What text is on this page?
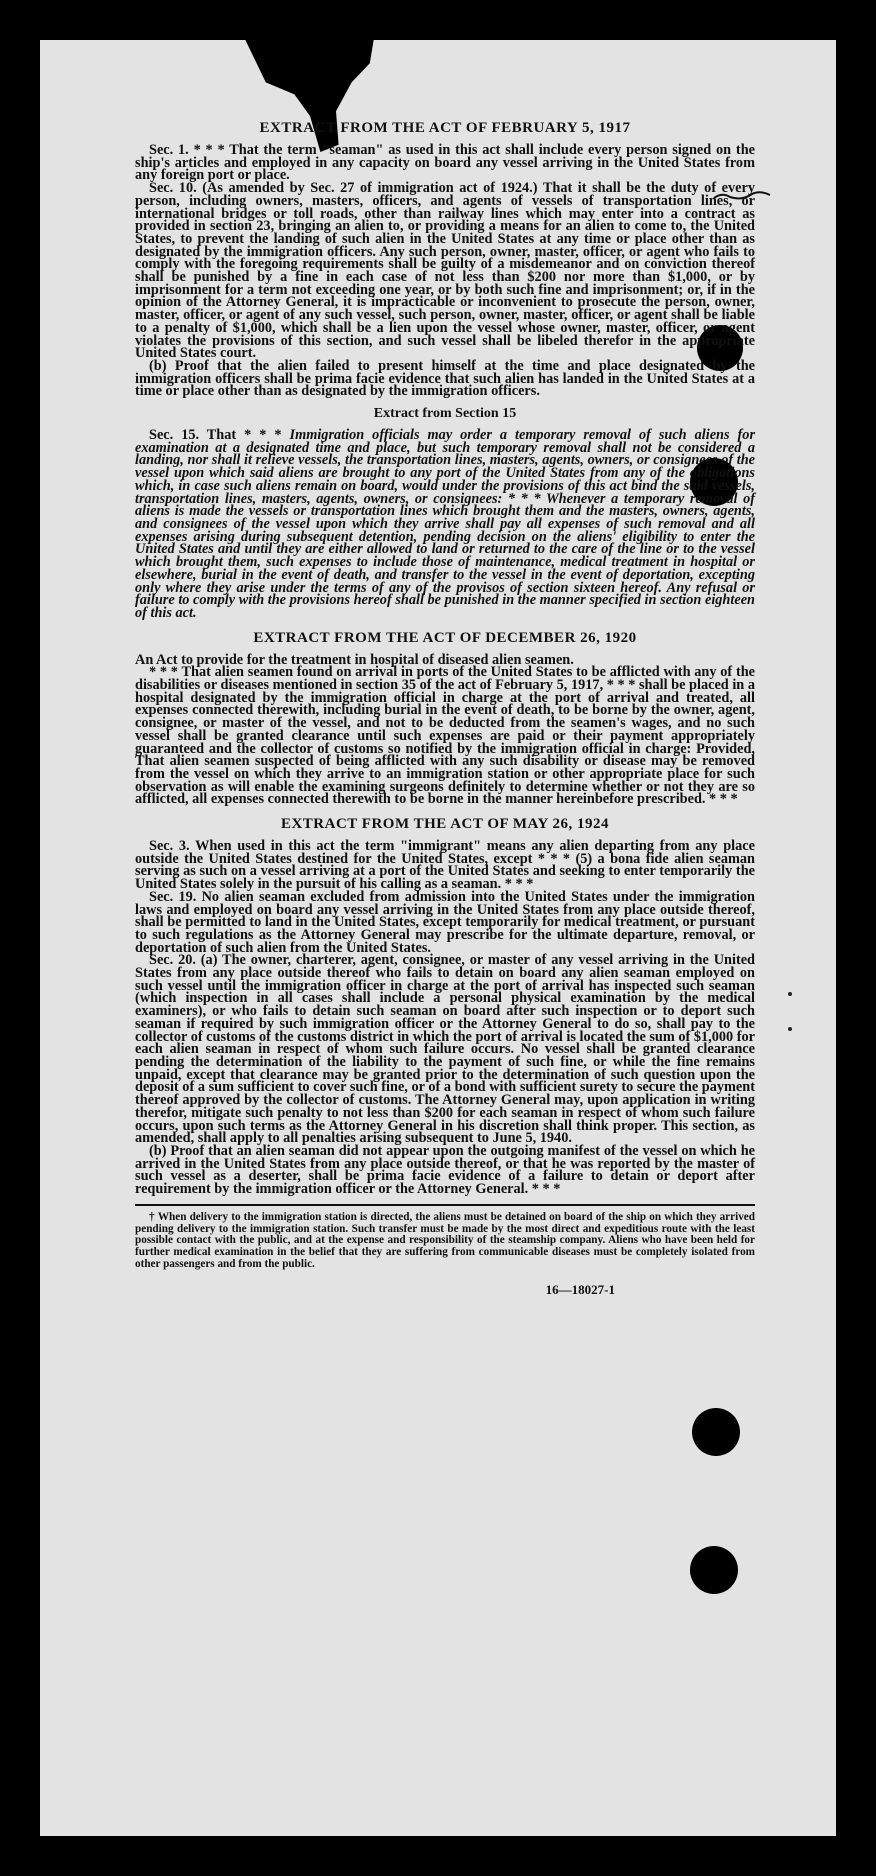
EXTRACT FROM THE ACT OF FEBRUARY 5, 1917

Sec. 1. * * * That the term "seaman" as used in this act shall include every person signed on the ship's articles and employed in any capacity on board any vessel arriving in the United States from any foreign port or place.

Sec. 10. (As amended by Sec. 27 of immigration act of 1924.) That it shall be the duty of every person, including owners, masters, officers, and agents of vessels of transportation lines, or international bridges or toll roads, other than railway lines which may enter into a contract as provided in section 23, bringing an alien to, or providing a means for an alien to come to, the United States, to prevent the landing of such alien in the United States at any time or place other than as designated by the immigration officers. Any such person, owner, master, officer, or agent who fails to comply with the foregoing requirements shall be guilty of a misdemeanor and on conviction thereof shall be punished by a fine in each case of not less than $200 nor more than $1,000, or by imprisonment for a term not exceeding one year, or by both such fine and imprisonment; or, if in the opinion of the Attorney General, it is impracticable or inconvenient to prosecute the person, owner, master, officer, or agent of any such vessel, such person, owner, master, officer, or agent shall be liable to a penalty of $1,000, which shall be a lien upon the vessel whose owner, master, officer, or agent violates the provisions of this section, and such vessel shall be libeled therefor in the appropriate United States court.

(b) Proof that the alien failed to present himself at the time and place designated by the immigration officers shall be prima facie evidence that such alien has landed in the United States at a time or place other than as designated by the immigration officers.

Extract from Section 15

Sec. 15. That * * * Immigration officials may order a temporary removal of such aliens for examination at a designated time and place, but such temporary removal shall not be considered a landing, nor shall it relieve vessels, the transportation lines, masters, agents, owners, or consignees of the vessel upon which said aliens are brought to any port of the United States from any of the obligations which, in case such aliens remain on board, would under the provisions of this act bind the said vessels, transportation lines, masters, agents, owners, or consignees: * * * Whenever a temporary removal of aliens is made the vessels or transportation lines which brought them and the masters, owners, agents, and consignees of the vessel upon which they arrive shall pay all expenses of such removal and all expenses arising during subsequent detention, pending decision on the aliens' eligibility to enter the United States and until they are either allowed to land or returned to the care of the line or to the vessel which brought them, such expenses to include those of maintenance, medical treatment in hospital or elsewhere, burial in the event of death, and transfer to the vessel in the event of deportation, excepting only where they arise under the terms of any of the provisos of section sixteen hereof. Any refusal or failure to comply with the provisions hereof shall be punished in the manner specified in section eighteen of this act.

EXTRACT FROM THE ACT OF DECEMBER 26, 1920

An Act to provide for the treatment in hospital of diseased alien seamen.

* * * That alien seamen found on arrival in ports of the United States to be afflicted with any of the disabilities or diseases mentioned in section 35 of the act of February 5, 1917, * * * shall be placed in a hospital designated by the immigration official in charge at the port of arrival and treated, all expenses connected therewith, including burial in the event of death, to be borne by the owner, agent, consignee, or master of the vessel, and not to be deducted from the seamen's wages, and no such vessel shall be granted clearance until such expenses are paid or their payment appropriately guaranteed and the collector of customs so notified by the immigration official in charge: Provided, That alien seamen suspected of being afflicted with any such disability or disease may be removed from the vessel on which they arrive to an immigration station or other appropriate place for such observation as will enable the examining surgeons definitely to determine whether or not they are so afflicted, all expenses connected therewith to be borne in the manner hereinbefore prescribed. * * *

EXTRACT FROM THE ACT OF MAY 26, 1924

Sec. 3. When used in this act the term "immigrant" means any alien departing from any place outside the United States destined for the United States, except * * * (5) a bona fide alien seaman serving as such on a vessel arriving at a port of the United States and seeking to enter temporarily the United States solely in the pursuit of his calling as a seaman. * * *

Sec. 19. No alien seaman excluded from admission into the United States under the immigration laws and employed on board any vessel arriving in the United States from any place outside thereof, shall be permitted to land in the United States, except temporarily for medical treatment, or pursuant to such regulations as the Attorney General may prescribe for the ultimate departure, removal, or deportation of such alien from the United States.

Sec. 20. (a) The owner, charterer, agent, consignee, or master of any vessel arriving in the United States from any place outside thereof who fails to detain on board any alien seaman employed on such vessel until the immigration officer in charge at the port of arrival has inspected such seaman (which inspection in all cases shall include a personal physical examination by the medical examiners), or who fails to detain such seaman on board after such inspection or to deport such seaman if required by such immigration officer or the Attorney General to do so, shall pay to the collector of customs of the customs district in which the port of arrival is located the sum of $1,000 for each alien seaman in respect of whom such failure occurs. No vessel shall be granted clearance pending the determination of the liability to the payment of such fine, or while the fine remains unpaid, except that clearance may be granted prior to the determination of such question upon the deposit of a sum sufficient to cover such fine, or of a bond with sufficient surety to secure the payment thereof approved by the collector of customs. The Attorney General may, upon application in writing therefor, mitigate such penalty to not less than $200 for each seaman in respect of whom such failure occurs, upon such terms as the Attorney General in his discretion shall think proper. This section, as amended, shall apply to all penalties arising subsequent to June 5, 1940.

(b) Proof that an alien seaman did not appear upon the outgoing manifest of the vessel on which he arrived in the United States from any place outside thereof, or that he was reported by the master of such vessel as a deserter, shall be prima facie evidence of a failure to detain or deport after requirement by the immigration officer or the Attorney General. * * *

† When delivery to the immigration station is directed, the aliens must be detained on board of the ship on which they arrived pending delivery to the immigration station. Such transfer must be made by the most direct and expeditious route with the least possible contact with the public, and at the expense and responsibility of the steamship company. Aliens who have been held for further medical examination in the belief that they are suffering from communicable diseases must be completely isolated from other passengers and from the public.
16—18027-1
